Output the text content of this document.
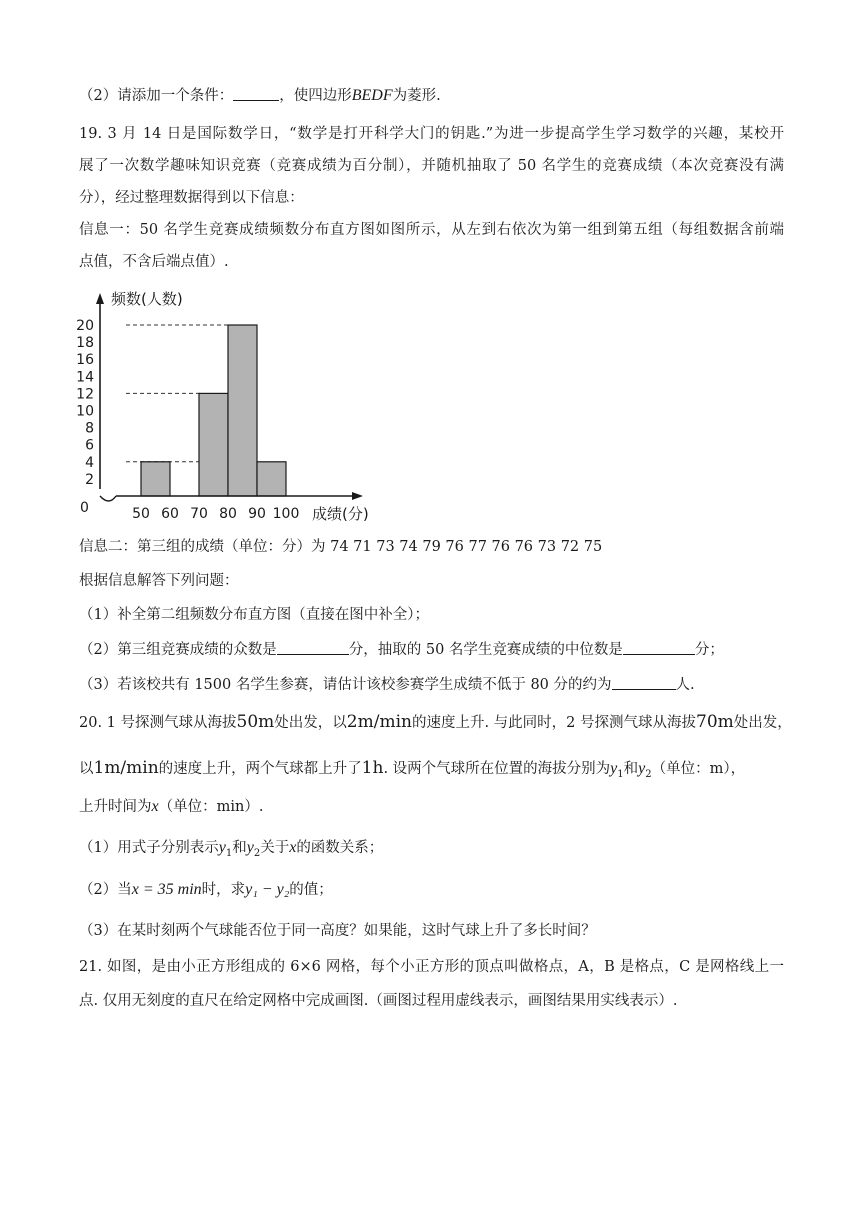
（2）请添加一个条件：	，使四边形BEDF为菱形.
19. 3 月 14 日是国际数学日，“数学是打开科学大门的钥匙.”为进一步提高学生学习数学的兴趣，某校开
展了一次数学趣味知识竞赛（竞赛成绩为百分制），并随机抽取了 50 名学生的竞赛成绩（本次竞赛没有满
分），经过整理数据得到以下信息：
信息一：50 名学生竞赛成绩频数分布直方图如图所示，从左到右依次为第一组到第五组（每组数据含前端
点值，不含后端点值）.
0
2
4
6
8
10
12
14
16
18
20
50 60 70 80 90 100
频数(人数)
成绩(分)
信息二：第三组的成绩（单位：分）为 74 71 73 74 79 76 77 76 76 73 72 75
根据信息解答下列问题：
（1）补全第二组频数分布直方图（直接在图中补全）；
（2）第三组竞赛成绩的众数是	分，抽取的 50 名学生竞赛成绩的中位数是	分；
（3）若该校共有 1500 名学生参赛，请估计该校参赛学生成绩不低于 80 分的约为	人.
20. 1 号探测气球从海拔50m处出发，以2m/min的速度上升. 与此同时，2 号探测气球从海拔70m处出发，
以1m/min的速度上升，两个气球都上升了1h. 设两个气球所在位置的海拔分别为$y_1$和$y_2$（单位：m），
上升时间为x（单位：min）.
（1）用式子分别表示$y_1$和$y_2$关于x的函数关系；
（2）当x = 35 min时，求y₁ − y₂的值；
（3）在某时刻两个气球能否位于同一高度？如果能，这时气球上升了多长时间？
21. 如图，是由小正方形组成的 6×6 网格，每个小正方形的顶点叫做格点，A，B 是格点，C 是网格线上一
点. 仅用无刻度的直尺在给定网格中完成画图.（画图过程用虚线表示，画图结果用实线表示）.
